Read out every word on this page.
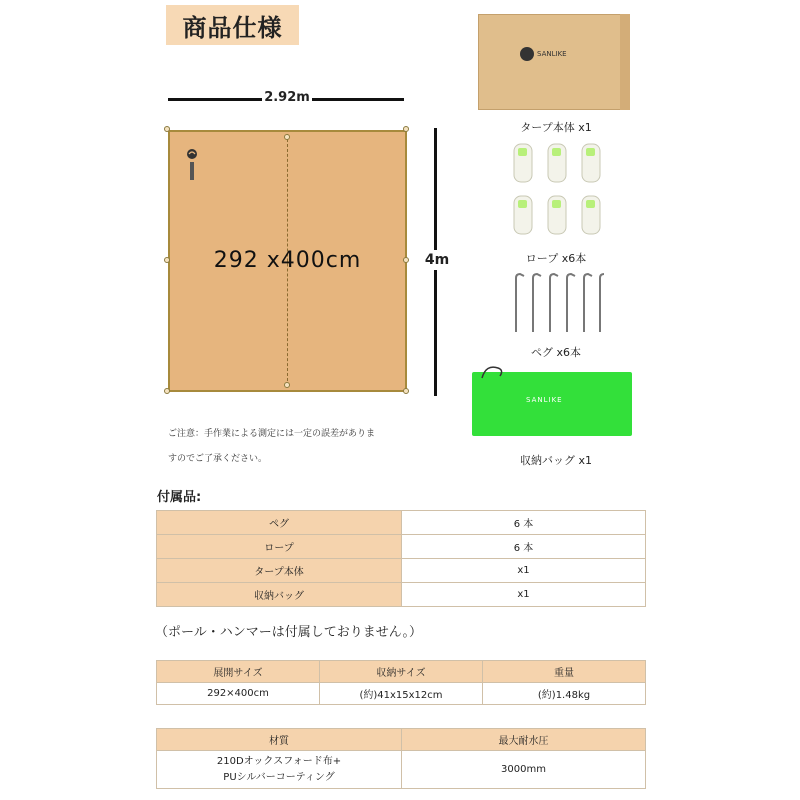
商品仕様
2.92m
4m
292 x400cm
ご注意：手作業による測定には一定の誤差がありま
すのでご了承ください。
SANLIKE
タープ本体 x1
ロープ x6本
ペグ x6本
SANLIKE
収納バッグ x1
付属品:
ペグ	6 本
ロープ	6 本
タープ本体	x1
収納バッグ	x1
（ポール・ハンマーは付属しておりません。）
展開サイズ	収納サイズ	重量
292×400cm	(約)41x15x12cm	(約)1.48kg
材質	最大耐水圧

210Dオックスフォード布+
PUシルバーコーティング	3000mm
